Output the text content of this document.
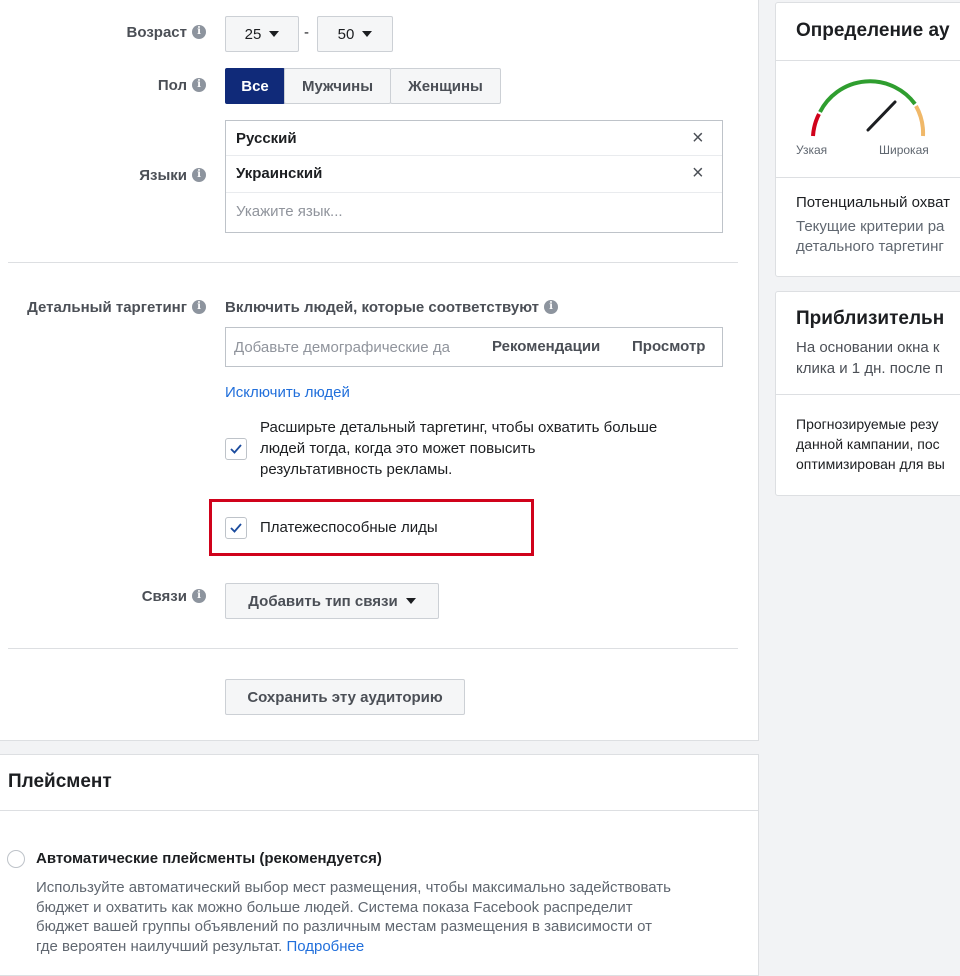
Возраст i	25	- 50
Пол i	Все Мужчины Женщины
Языки i
Русский	×
Украинский	×
Укажите язык...
Детальный таргетинг i	Включить людей, которые соответствуют i
Добавьте демографические да	Рекомендации Просмотр
Исключить людей
Расширьте детальный таргетинг, чтобы охватить больше
людей тогда, когда это может повысить
результативность рекламы.
Платежеспособные лиды
Связи i	Добавить тип связи
Сохранить эту аудиторию
Плейсмент
Автоматические плейсменты (рекомендуется)
Используйте автоматический выбор мест размещения, чтобы максимально задействовать
бюджет и охватить как можно больше людей. Система показа Facebook распределит
бюджет вашей группы объявлений по различным местам размещения в зависимости от
где вероятен наилучший результат. Подробнее
Определение ау
Узкая	Широкая
Потенциальный охват
Текущие критерии ра
детального таргетинг
Приблизительн
На основании окна к
клика и 1 дн. после п
Прогнозируемые резу
данной кампании, пос
оптимизирован для вы
